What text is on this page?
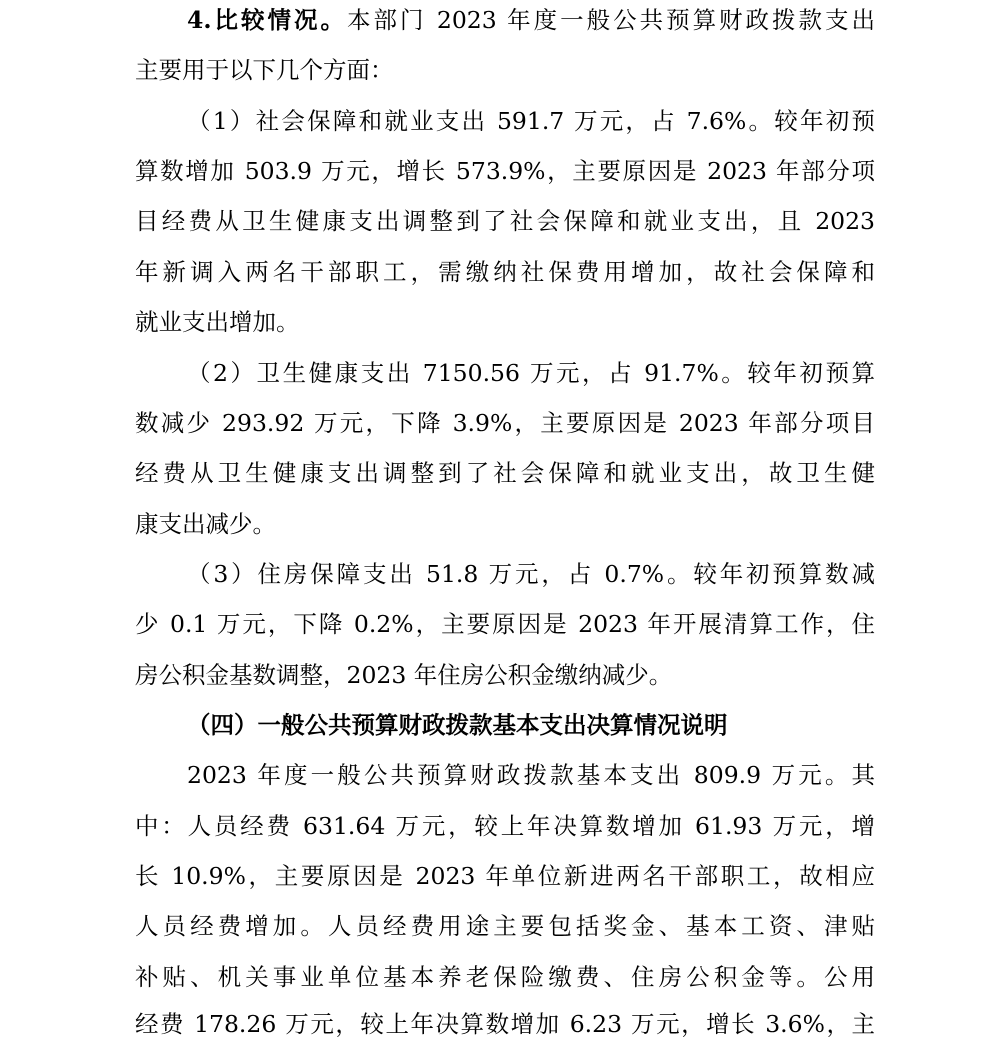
4.比较情况。本部门 2023 年度一般公共预算财政拨款支出
主要用于以下几个方面：
（1）社会保障和就业支出 591.7 万元，占 7.6%。较年初预
算数增加 503.9 万元，增长 573.9%，主要原因是 2023 年部分项
目经费从卫生健康支出调整到了社会保障和就业支出，且 2023
年新调入两名干部职工，需缴纳社保费用增加，故社会保障和
就业支出增加。
（2）卫生健康支出 7150.56 万元，占 91.7%。较年初预算
数减少 293.92 万元，下降 3.9%，主要原因是 2023 年部分项目
经费从卫生健康支出调整到了社会保障和就业支出，故卫生健
康支出减少。
（3）住房保障支出 51.8 万元，占 0.7%。较年初预算数减
少 0.1 万元，下降 0.2%，主要原因是 2023 年开展清算工作，住
房公积金基数调整，2023 年住房公积金缴纳减少。
（四）一般公共预算财政拨款基本支出决算情况说明
2023 年度一般公共预算财政拨款基本支出 809.9 万元。其
中：人员经费 631.64 万元，较上年决算数增加 61.93 万元，增
长 10.9%，主要原因是 2023 年单位新进两名干部职工，故相应
人员经费增加。人员经费用途主要包括奖金、基本工资、津贴
补贴、机关事业单位基本养老保险缴费、住房公积金等。公用
经费 178.26 万元，较上年决算数增加 6.23 万元，增长 3.6%，主
